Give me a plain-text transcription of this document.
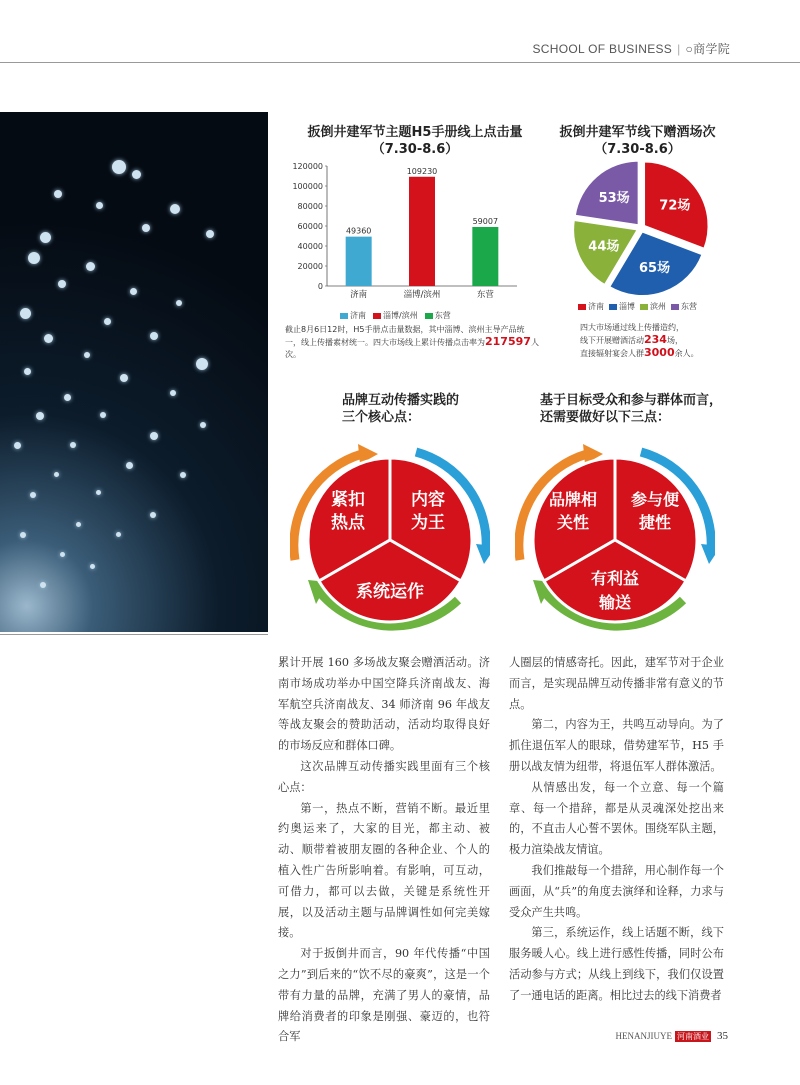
SCHOOL OF BUSINESS | ○商学院
扳倒井建军节主题H5手册线上点击量
（7.30-8.6）
0
20000
40000
60000
80000
100000
120000
49360
济南
109230
淄博/滨州
59007
东营
济南	淄博/滨州	东营
截止8月6日12时，H5手册点击量数据，其中淄博、滨州主导产品统一，线上传播素材统一。四大市场线上累计传播点击率为217597人次。
扳倒井建军节线下赠酒场次
（7.30-8.6）
72场
65场
44场
53场
济南	淄博	滨州	东营
四大市场通过线上传播造约，
线下开展赠酒活动234场，
直接辐射宴会人群3000余人。
品牌互动传播实践的
三个核心点：
紧扣
热点
内容
为王
系统运作
基于目标受众和参与群体而言，
还需要做好以下三点：
品牌相
关性
参与便
捷性
有利益
输送

累计开展 160 多场战友聚会赠酒活动。济南市场成功举办中国空降兵济南战友、海军航空兵济南战友、34 师济南 96 年战友等战友聚会的赞助活动，活动均取得良好的市场反应和群体口碑。

这次品牌互动传播实践里面有三个核心点：

第一，热点不断，营销不断。最近里约奥运来了，大家的目光，都主动、被动、顺带着被朋友圈的各种企业、个人的植入性广告所影响着。有影响，可互动，可借力，都可以去做，关键是系统性开展，以及活动主题与品牌调性如何完美嫁接。

对于扳倒井而言，90 年代传播“中国之力”到后来的“饮不尽的豪爽”，这是一个带有力量的品牌，充满了男人的豪情，品牌给消费者的印象是刚强、豪迈的，也符合军

人圈层的情感寄托。因此，建军节对于企业而言，是实现品牌互动传播非常有意义的节点。

第二，内容为王，共鸣互动导向。为了抓住退伍军人的眼球，借势建军节，H5 手册以战友情为纽带，将退伍军人群体激活。

从情感出发，每一个立意、每一个篇章、每一个措辞，都是从灵魂深处挖出来的，不直击人心誓不罢休。围绕军队主题，极力渲染战友情谊。

我们推敲每一个措辞，用心制作每一个画面，从“兵”的角度去演绎和诠释，力求与受众产生共鸣。

第三，系统运作，线上话题不断，线下服务暖人心。线上进行感性传播，同时公布活动参与方式；从线上到线下，我们仅设置了一通电话的距离。相比过去的线下消费者

HENANJIUYE 河南酒业 35
